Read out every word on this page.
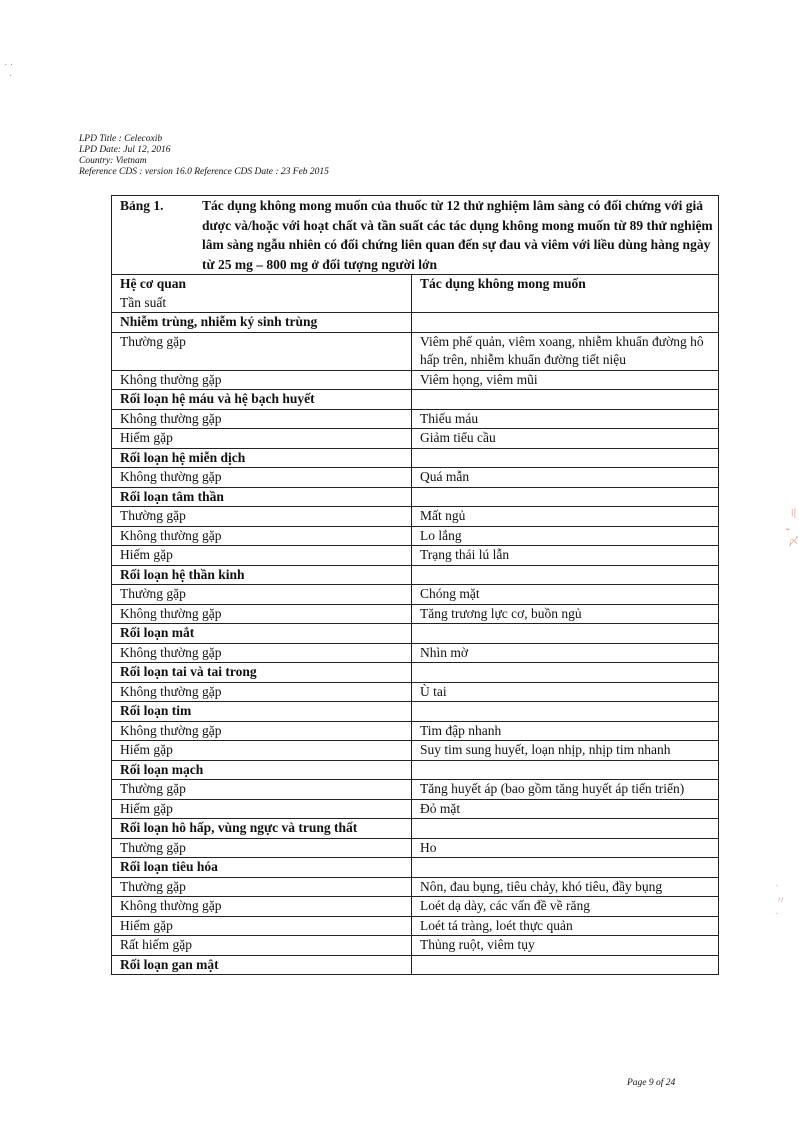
· ·
·
LPD Title : Celecoxib
LPD Date: Jul 12, 2016
Country: Vietnam
Reference CDS : version 16.0 Reference CDS Date : 23 Feb 2015
Bảng 1. Tác dụng không mong muốn của thuốc từ 12 thử nghiệm lâm sàng có đối chứng với giả dược và/hoặc với hoạt chất và tần suất các tác dụng không mong muốn từ 89 thử nghiệm lâm sàng ngẫu nhiên có đối chứng liên quan đến sự đau và viêm với liều dùng hàng ngày từ 25 mg – 800 mg ở đối tượng người lớn	

Hệ cơ quan
Tần suất	Tác dụng không mong muốn
Nhiễm trùng, nhiễm ký sinh trùng	
Thường gặp	Viêm phế quản, viêm xoang, nhiễm khuẩn đường hô hấp trên, nhiễm khuẩn đường tiết niệu
Không thường gặp	Viêm họng, viêm mũi
Rối loạn hệ máu và hệ bạch huyết	
Không thường gặp	Thiếu máu
Hiếm gặp	Giảm tiểu cầu
Rối loạn hệ miễn dịch	
Không thường gặp	Quá mẫn
Rối loạn tâm thần	
Thường gặp	Mất ngủ
Không thường gặp	Lo lắng
Hiếm gặp	Trạng thái lú lẫn
Rối loạn hệ thần kinh	
Thường gặp	Chóng mặt
Không thường gặp	Tăng trương lực cơ, buồn ngủ
Rối loạn mắt	
Không thường gặp	Nhìn mờ
Rối loạn tai và tai trong	
Không thường gặp	Ù tai
Rối loạn tim	
Không thường gặp	Tim đập nhanh
Hiếm gặp	Suy tim sung huyết, loạn nhịp, nhịp tim nhanh
Rối loạn mạch	
Thường gặp	Tăng huyết áp (bao gồm tăng huyết áp tiến triển)
Hiếm gặp	Đỏ mặt
Rối loạn hô hấp, vùng ngực và trung thất	
Thường gặp	Ho
Rối loạn tiêu hóa	
Thường gặp	Nôn, đau bụng, tiêu chảy, khó tiêu, đầy bụng
Không thường gặp	Loét dạ dày, các vấn đề về răng
Hiếm gặp	Loét tá tràng, loét thực quản
Rất hiếm gặp	Thủng ruột, viêm tụy
Rối loạn gan mật	
〢

〆
·
〃
·
Page 9 of 24
